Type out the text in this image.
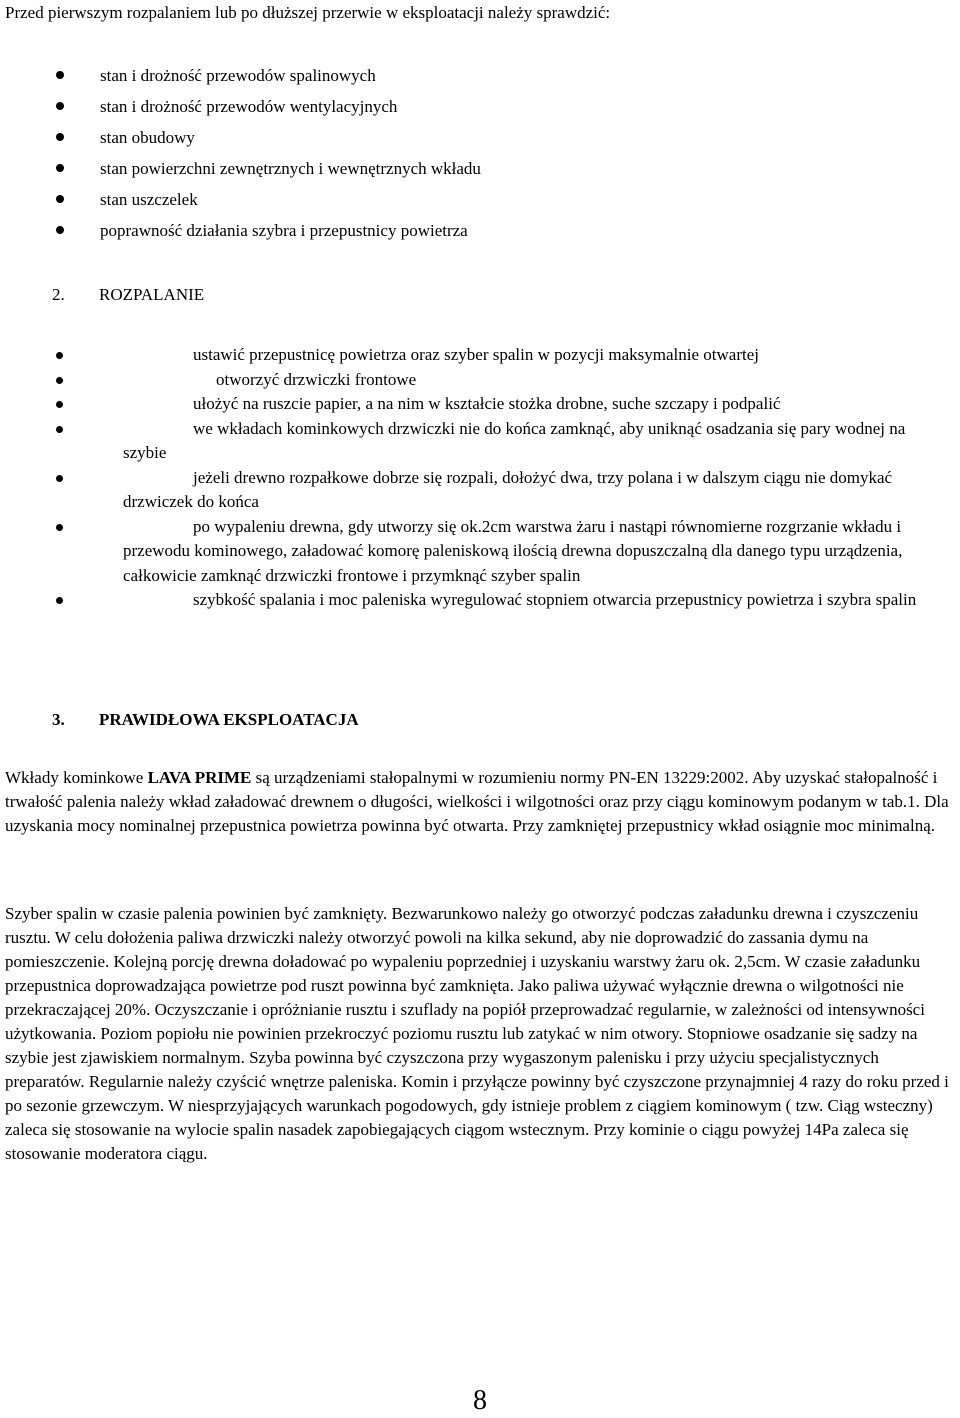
Przed pierwszym rozpalaniem lub po dłuższej przerwie w eksploatacji należy sprawdzić:

stan i drożność przewodów spalinowych
stan i drożność przewodów wentylacyjnych
stan obudowy
stan powierzchni zewnętrznych i wewnętrznych wkładu
stan uszczelek
poprawność działania szybra i przepustnicy powietrza
2. ROZPALANIE
ustawić przepustnicę powietrza oraz szyber spalin w pozycji maksymalnie otwartej
otworzyć drzwiczki frontowe
ułożyć na ruszcie papier, a na nim w kształcie stożka drobne, suche szczapy i podpalić
we wkładach kominkowych drzwiczki nie do końca zamknąć, aby uniknąć osadzania się pary wodnej na szybie
jeżeli drewno rozpałkowe dobrze się rozpali, dołożyć dwa, trzy polana i w dalszym ciągu nie domykać drzwiczek do końca
po wypaleniu drewna, gdy utworzy się ok.2cm warstwa żaru i nastąpi równomierne rozgrzanie wkładu i przewodu kominowego, załadować komorę paleniskową ilością drewna dopuszczalną dla danego typu urządzenia, całkowicie zamknąć drzwiczki frontowe i przymknąć szyber spalin
szybkość spalania i moc paleniska wyregulować stopniem otwarcia przepustnicy powietrza i szybra spalin
3. PRAWIDŁOWA EKSPLOATACJA

Wkłady kominkowe LAVA PRIME są urządzeniami stałopalnymi w rozumieniu normy PN-EN 13229:2002. Aby uzyskać stałopalność i trwałość palenia należy wkład załadować drewnem o długości, wielkości i wilgotności oraz przy ciągu kominowym podanym w tab.1. Dla uzyskania mocy nominalnej przepustnica powietrza powinna być otwarta. Przy zamkniętej przepustnicy wkład osiągnie moc minimalną.

Szyber spalin w czasie palenia powinien być zamknięty. Bezwarunkowo należy go otworzyć podczas załadunku drewna i czyszczeniu rusztu. W celu dołożenia paliwa drzwiczki należy otworzyć powoli na kilka sekund, aby nie doprowadzić do zassania dymu na pomieszczenie. Kolejną porcję drewna doładować po wypaleniu poprzedniej i uzyskaniu warstwy żaru ok. 2,5cm. W czasie załadunku przepustnica doprowadzająca powietrze pod ruszt powinna być zamknięta. Jako paliwa używać wyłącznie drewna o wilgotności nie przekraczającej 20%. Oczyszczanie i opróżnianie rusztu i szuflady na popiół przeprowadzać regularnie, w zależności od intensywności użytkowania. Poziom popiołu nie powinien przekroczyć poziomu rusztu lub zatykać w nim otwory. Stopniowe osadzanie się sadzy na szybie jest zjawiskiem normalnym. Szyba powinna być czyszczona przy wygaszonym palenisku i przy użyciu specjalistycznych preparatów. Regularnie należy czyścić wnętrze paleniska. Komin i przyłącze powinny być czyszczone przynajmniej 4 razy do roku przed i po sezonie grzewczym. W niesprzyjających warunkach pogodowych, gdy istnieje problem z ciągiem kominowym ( tzw. Ciąg wsteczny) zaleca się stosowanie na wylocie spalin nasadek zapobiegających ciągom wstecznym. Przy kominie o ciągu powyżej 14Pa zaleca się stosowanie moderatora ciągu.

8
